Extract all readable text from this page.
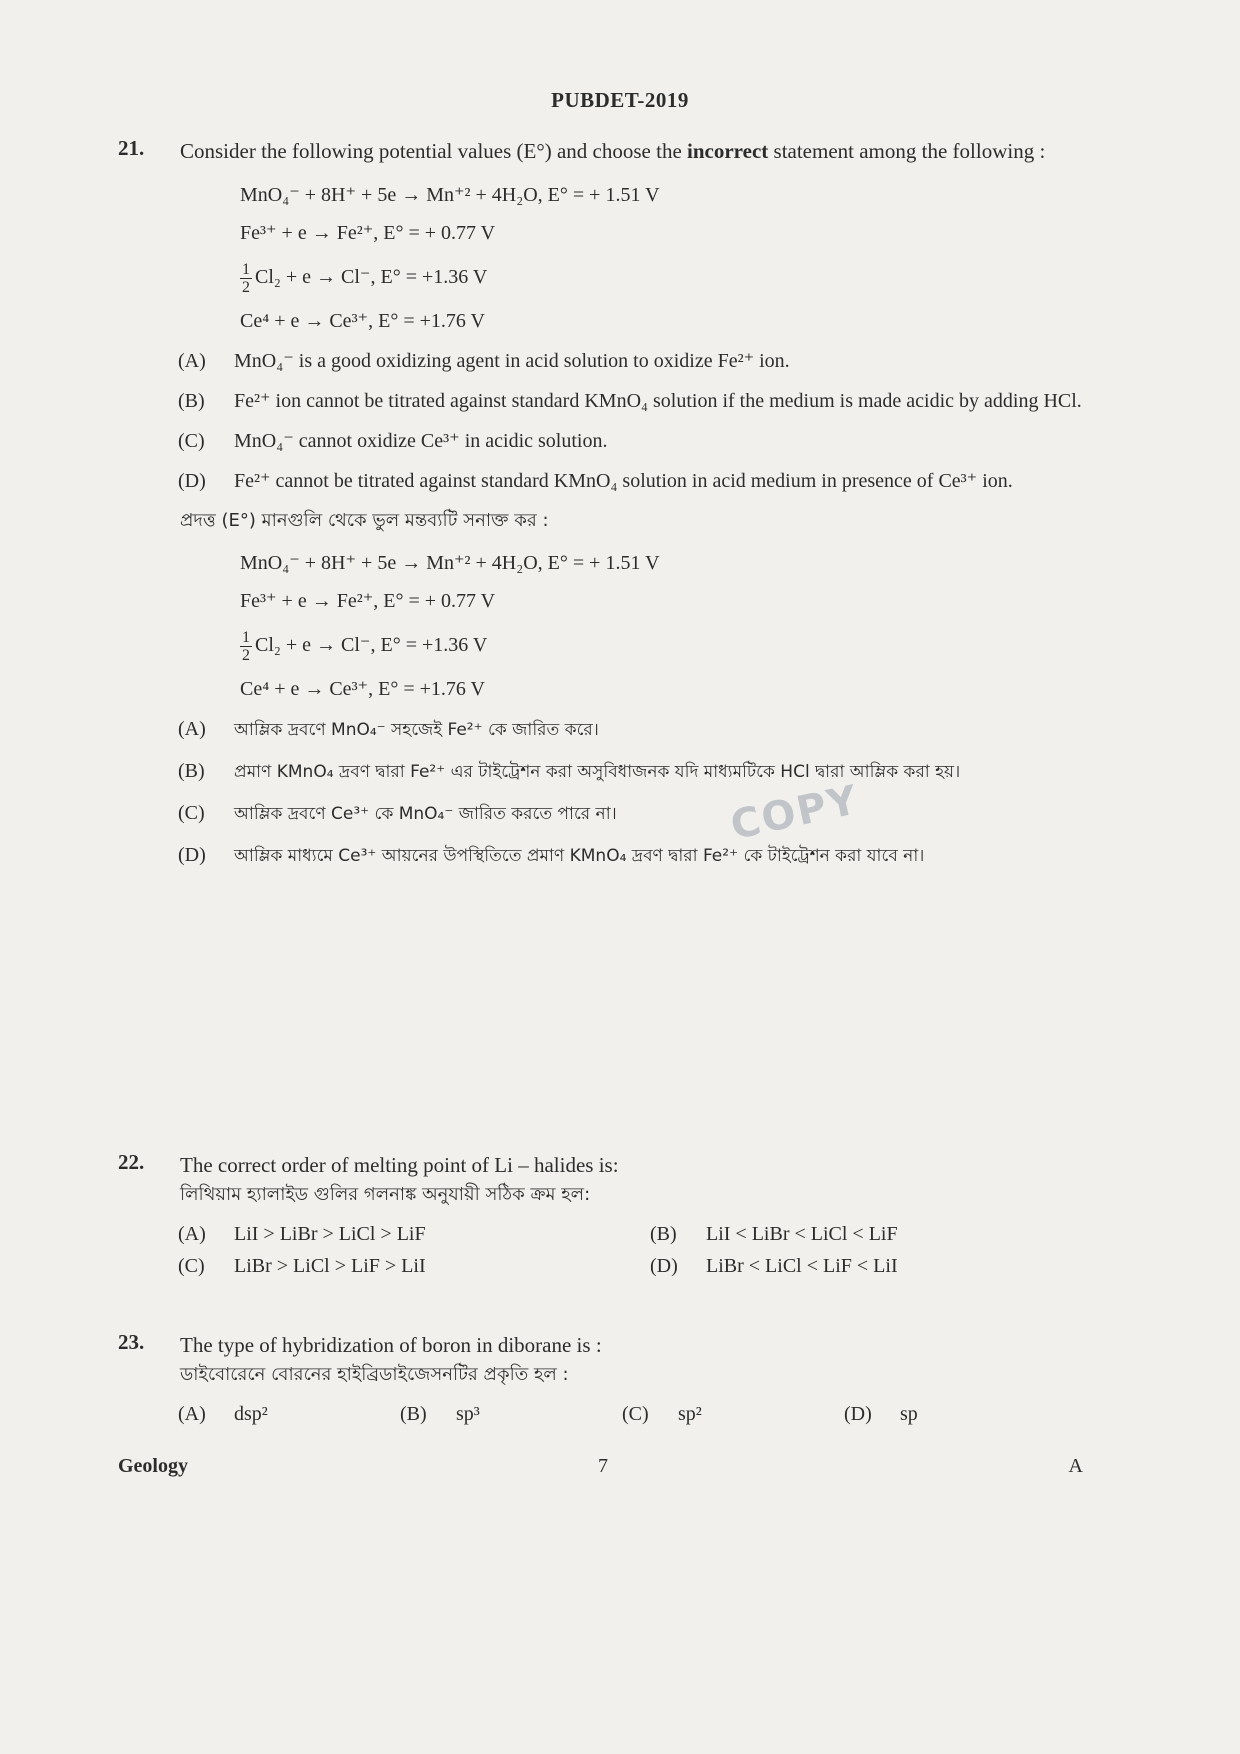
PUBDET-2019
21. Consider the following potential values (E°) and choose the incorrect statement among the following :
MnO₄⁻ + 8H⁺ + 5e → Mn⁺² + 4H₂O, E° = + 1.51 V
Fe³⁺ + e → Fe²⁺, E° = + 0.77 V
$\frac{1}{2} Cl_2 + e \to Cl^-$, E° = +1.36 V
Ce⁴ + e → Ce³⁺, E° = +1.76 V
(A)	MnO₄⁻ is a good oxidizing agent in acid solution to oxidize Fe²⁺ ion.
(B)	Fe²⁺ ion cannot be titrated against standard KMnO₄ solution if the medium is made acidic by adding HCl.
(C)	MnO₄⁻ cannot oxidize Ce³⁺ in acidic solution.
(D)	Fe²⁺ cannot be titrated against standard KMnO₄ solution in acid medium in presence of Ce³⁺ ion.
প্রদত্ত (E°) মানগুলি থেকে ভুল মন্তব্যটি সনাক্ত কর :
MnO₄⁻ + 8H⁺ + 5e → Mn⁺² + 4H₂O, E° = + 1.51 V
Fe³⁺ + e → Fe²⁺, E° = + 0.77 V
$\frac{1}{2} Cl_2 + e \to Cl^-$, E° = +1.36 V
Ce⁴ + e → Ce³⁺, E° = +1.76 V
(A)	আম্লিক দ্রবণে MnO₄⁻ সহজেই Fe²⁺ কে জারিত করে।
(B)	প্রমাণ KMnO₄ দ্রবণ দ্বারা Fe²⁺ এর টাইট্রেশন করা অসুবিধাজনক যদি মাধ্যমটিকে HCl দ্বারা আম্লিক করা হয়।
(C)	আম্লিক দ্রবণে Ce³⁺ কে MnO₄⁻ জারিত করতে পারে না।
(D)	আম্লিক মাধ্যমে Ce³⁺ আয়নের উপস্থিতিতে প্রমাণ KMnO₄ দ্রবণ দ্বারা Fe²⁺ কে টাইট্রেশন করা যাবে না।
COPY
22. The correct order of melting point of Li – halides is:
লিথিয়াম হ্যালাইড গুলির গলনাঙ্ক অনুযায়ী সঠিক ক্রম হল:
(A)	LiI > LiBr > LiCl > LiF	(B)	LiI < LiBr < LiCl < LiF
(C)	LiBr > LiCl > LiF > LiI	(D)	LiBr < LiCl < LiF < LiI
23. The type of hybridization of boron in diborane is :
ডাইবোরেনে বোরনের হাইব্রিডাইজেসনটির প্রকৃতি হল :
(A)	dsp²	(B)	sp³	(C)	sp²	(D)	sp
Geology	7	A
